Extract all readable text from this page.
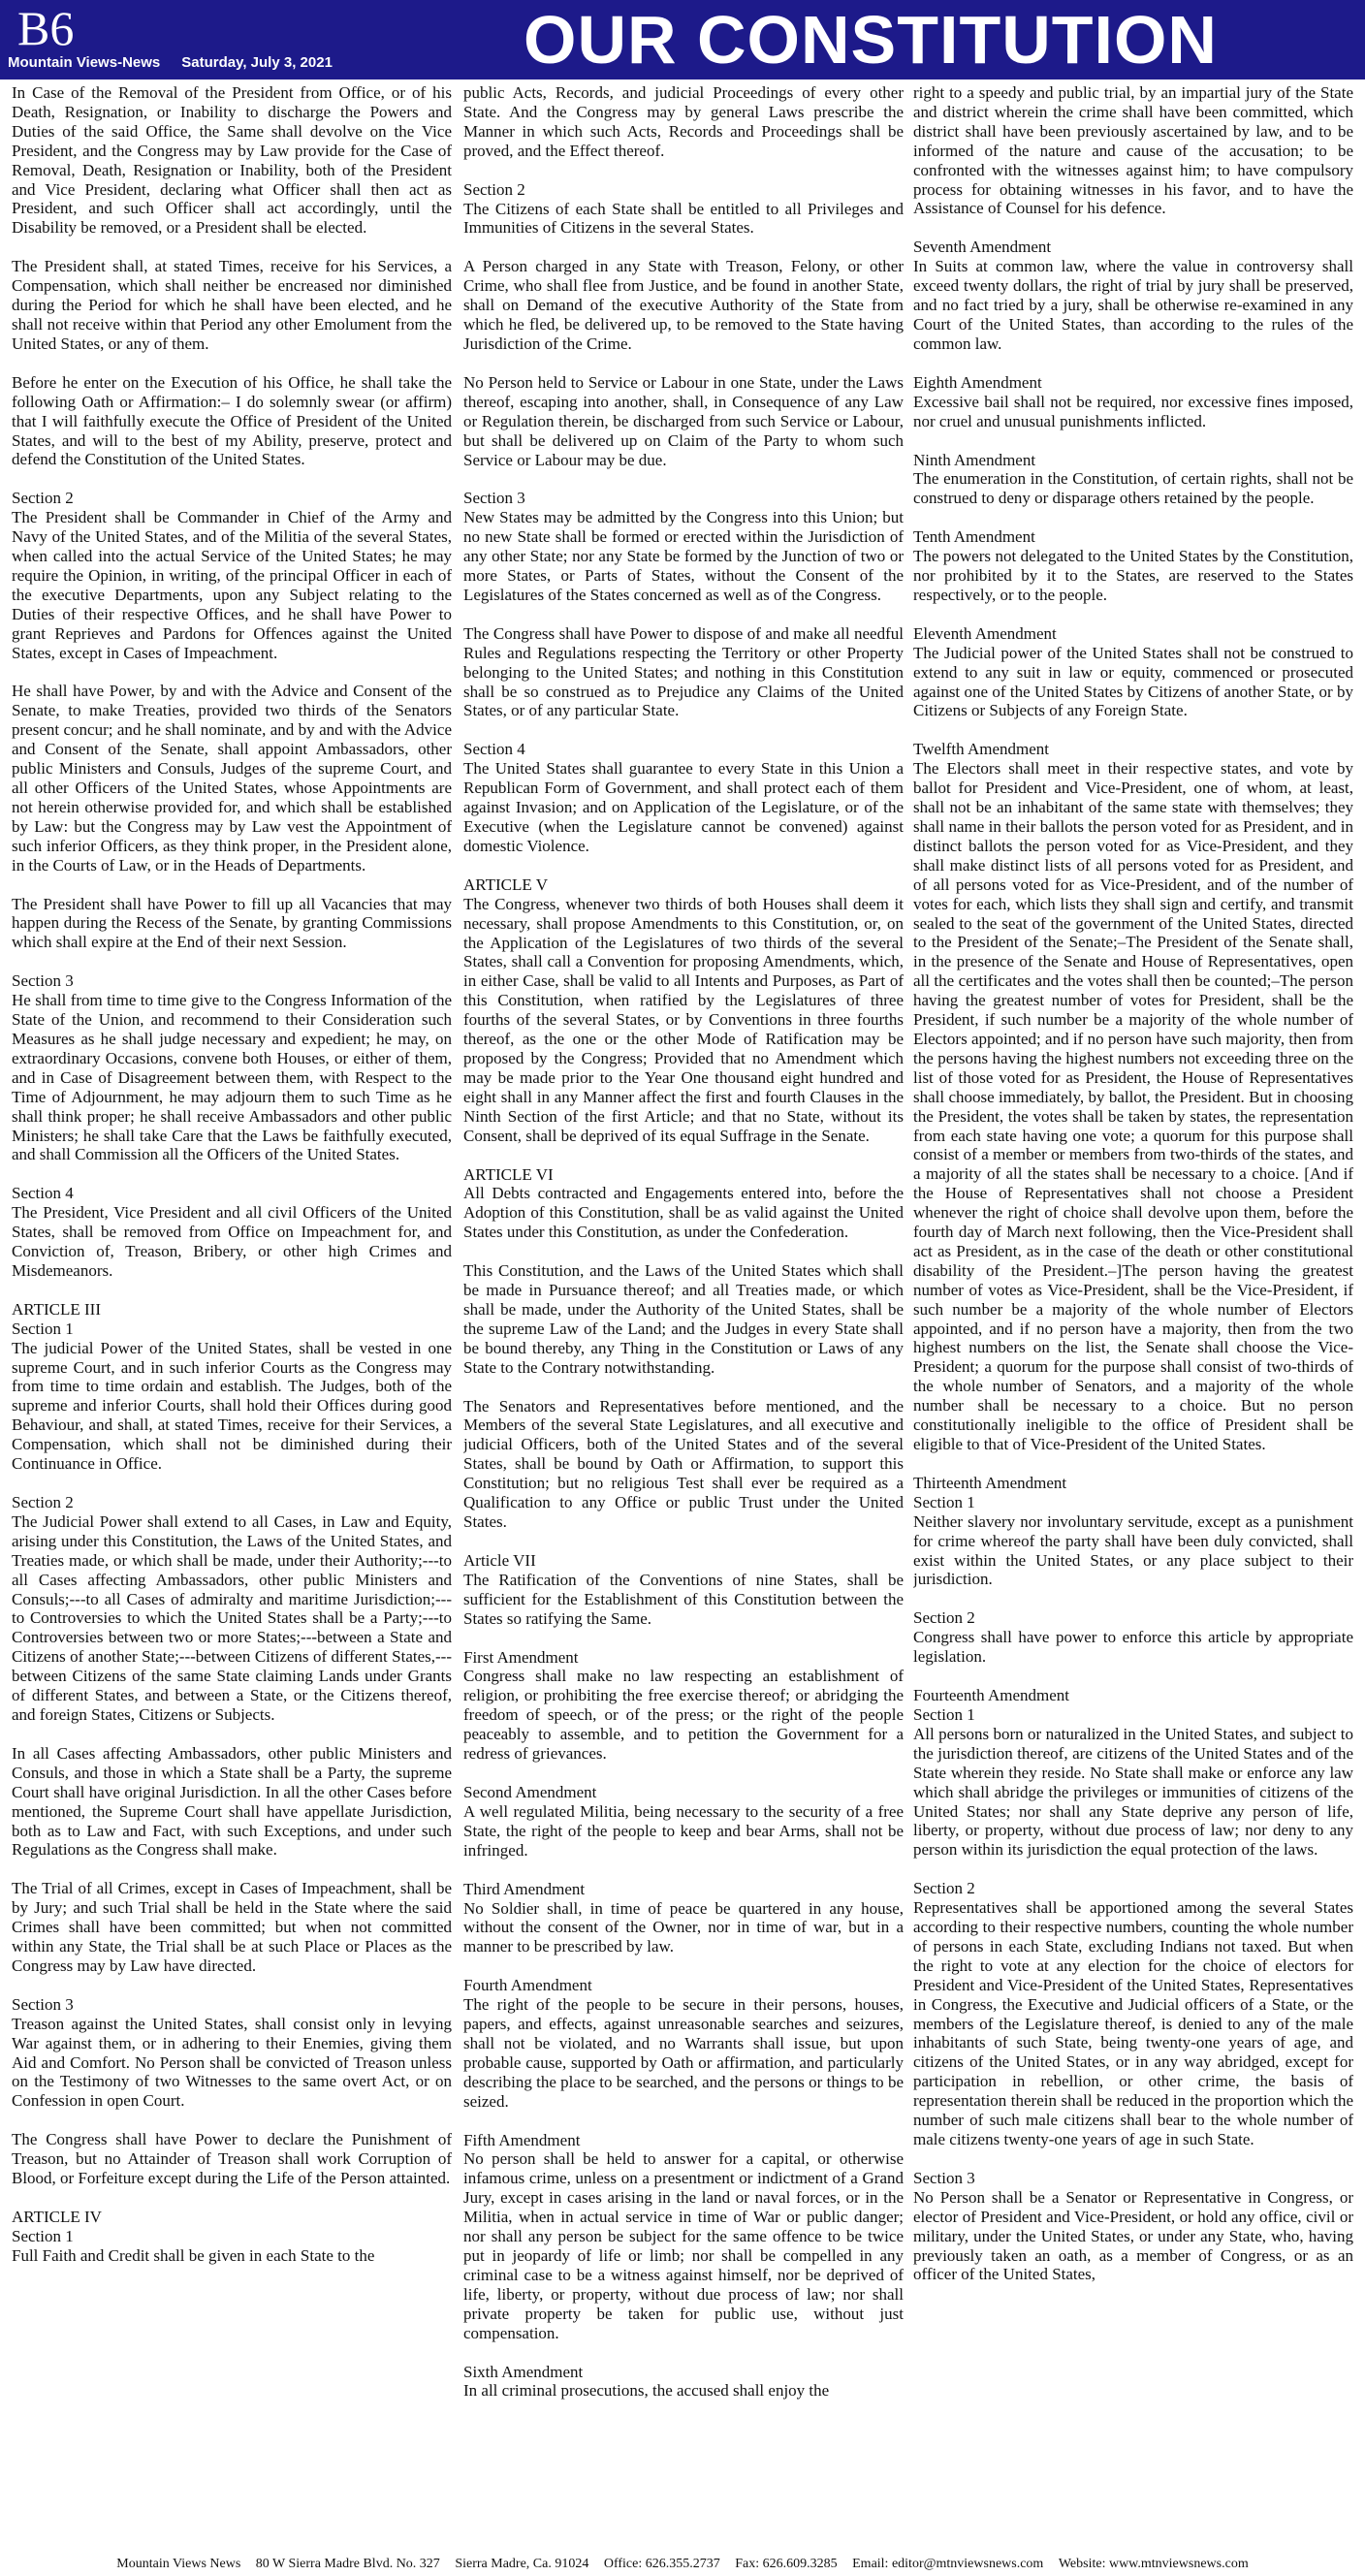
B6
Mountain Views-News Saturday, July 3, 2021	OUR CONSTITUTION

In Case of the Removal of the President from Office, or of his Death, Resignation, or Inability to discharge the Powers and Duties of the said Office, the Same shall devolve on the Vice President, and the Congress may by Law provide for the Case of Removal, Death, Resignation or Inability, both of the President and Vice President, declaring what Officer shall then act as President, and such Officer shall act accordingly, until the Disability be removed, or a President shall be elected.

The President shall, at stated Times, receive for his Services, a Compensation, which shall neither be encreased nor diminished during the Period for which he shall have been elected, and he shall not receive within that Period any other Emolument from the United States, or any of them.

Before he enter on the Execution of his Office, he shall take the following Oath or Affirmation:– I do solemnly swear (or affirm) that I will faithfully execute the Office of President of the United States, and will to the best of my Ability, preserve, protect and defend the Constitution of the United States.

Section 2

The President shall be Commander in Chief of the Army and Navy of the United States, and of the Militia of the several States, when called into the actual Service of the United States; he may require the Opinion, in writing, of the principal Officer in each of the executive Departments, upon any Subject relating to the Duties of their respective Offices, and he shall have Power to grant Reprieves and Pardons for Offences against the United States, except in Cases of Impeachment.

He shall have Power, by and with the Advice and Consent of the Senate, to make Treaties, provided two thirds of the Senators present concur; and he shall nominate, and by and with the Advice and Consent of the Senate, shall appoint Ambassadors, other public Ministers and Consuls, Judges of the supreme Court, and all other Officers of the United States, whose Appointments are not herein otherwise provided for, and which shall be established by Law: but the Congress may by Law vest the Appointment of such inferior Officers, as they think proper, in the President alone, in the Courts of Law, or in the Heads of Departments.

The President shall have Power to fill up all Vacancies that may happen during the Recess of the Senate, by granting Commissions which shall expire at the End of their next Session.

Section 3

He shall from time to time give to the Congress Information of the State of the Union, and recommend to their Consideration such Measures as he shall judge necessary and expedient; he may, on extraordinary Occasions, convene both Houses, or either of them, and in Case of Disagreement between them, with Respect to the Time of Adjournment, he may adjourn them to such Time as he shall think proper; he shall receive Ambassadors and other public Ministers; he shall take Care that the Laws be faithfully executed, and shall Commission all the Officers of the United States.

Section 4

The President, Vice President and all civil Officers of the United States, shall be removed from Office on Impeachment for, and Conviction of, Treason, Bribery, or other high Crimes and Misdemeanors.

ARTICLE III
Section 1

The judicial Power of the United States, shall be vested in one supreme Court, and in such inferior Courts as the Congress may from time to time ordain and establish. The Judges, both of the supreme and inferior Courts, shall hold their Offices during good Behaviour, and shall, at stated Times, receive for their Services, a Compensation, which shall not be diminished during their Continuance in Office.

Section 2

The Judicial Power shall extend to all Cases, in Law and Equity, arising under this Constitution, the Laws of the United States, and Treaties made, or which shall be made, under their Authority;---to all Cases affecting Ambassadors, other public Ministers and Consuls;---to all Cases of admiralty and maritime Jurisdiction;---to Controversies to which the United States shall be a Party;---to Controversies between two or more States;---between a State and Citizens of another State;---between Citizens of different States,---between Citizens of the same State claiming Lands under Grants of different States, and between a State, or the Citizens thereof, and foreign States, Citizens or Subjects.

In all Cases affecting Ambassadors, other public Ministers and Consuls, and those in which a State shall be a Party, the supreme Court shall have original Jurisdiction. In all the other Cases before mentioned, the Supreme Court shall have appellate Jurisdiction, both as to Law and Fact, with such Exceptions, and under such Regulations as the Congress shall make.

The Trial of all Crimes, except in Cases of Impeachment, shall be by Jury; and such Trial shall be held in the State where the said Crimes shall have been committed; but when not committed within any State, the Trial shall be at such Place or Places as the Congress may by Law have directed.

Section 3

Treason against the United States, shall consist only in levying War against them, or in adhering to their Enemies, giving them Aid and Comfort. No Person shall be convicted of Treason unless on the Testimony of two Witnesses to the same overt Act, or on Confession in open Court.

The Congress shall have Power to declare the Punishment of Treason, but no Attainder of Treason shall work Corruption of Blood, or Forfeiture except during the Life of the Person attainted.

ARTICLE IV
Section 1

Full Faith and Credit shall be given in each State to the

public Acts, Records, and judicial Proceedings of every other State. And the Congress may by general Laws prescribe the Manner in which such Acts, Records and Proceedings shall be proved, and the Effect thereof.

Section 2

The Citizens of each State shall be entitled to all Privileges and Immunities of Citizens in the several States.

A Person charged in any State with Treason, Felony, or other Crime, who shall flee from Justice, and be found in another State, shall on Demand of the executive Authority of the State from which he fled, be delivered up, to be removed to the State having Jurisdiction of the Crime.

No Person held to Service or Labour in one State, under the Laws thereof, escaping into another, shall, in Consequence of any Law or Regulation therein, be discharged from such Service or Labour, but shall be delivered up on Claim of the Party to whom such Service or Labour may be due.

Section 3

New States may be admitted by the Congress into this Union; but no new State shall be formed or erected within the Jurisdiction of any other State; nor any State be formed by the Junction of two or more States, or Parts of States, without the Consent of the Legislatures of the States concerned as well as of the Congress.

The Congress shall have Power to dispose of and make all needful Rules and Regulations respecting the Territory or other Property belonging to the United States; and nothing in this Constitution shall be so construed as to Prejudice any Claims of the United States, or of any particular State.

Section 4

The United States shall guarantee to every State in this Union a Republican Form of Government, and shall protect each of them against Invasion; and on Application of the Legislature, or of the Executive (when the Legislature cannot be convened) against domestic Violence.

ARTICLE V

The Congress, whenever two thirds of both Houses shall deem it necessary, shall propose Amendments to this Constitution, or, on the Application of the Legislatures of two thirds of the several States, shall call a Convention for proposing Amendments, which, in either Case, shall be valid to all Intents and Purposes, as Part of this Constitution, when ratified by the Legislatures of three fourths of the several States, or by Conventions in three fourths thereof, as the one or the other Mode of Ratification may be proposed by the Congress; Provided that no Amendment which may be made prior to the Year One thousand eight hundred and eight shall in any Manner affect the first and fourth Clauses in the Ninth Section of the first Article; and that no State, without its Consent, shall be deprived of its equal Suffrage in the Senate.

ARTICLE VI

All Debts contracted and Engagements entered into, before the Adoption of this Constitution, shall be as valid against the United States under this Constitution, as under the Confederation.

This Constitution, and the Laws of the United States which shall be made in Pursuance thereof; and all Treaties made, or which shall be made, under the Authority of the United States, shall be the supreme Law of the Land; and the Judges in every State shall be bound thereby, any Thing in the Constitution or Laws of any State to the Contrary notwithstanding.

The Senators and Representatives before mentioned, and the Members of the several State Legislatures, and all executive and judicial Officers, both of the United States and of the several States, shall be bound by Oath or Affirmation, to support this Constitution; but no religious Test shall ever be required as a Qualification to any Office or public Trust under the United States.

Article VII

The Ratification of the Conventions of nine States, shall be sufficient for the Establishment of this Constitution between the States so ratifying the Same.

First Amendment

Congress shall make no law respecting an establishment of religion, or prohibiting the free exercise thereof; or abridging the freedom of speech, or of the press; or the right of the people peaceably to assemble, and to petition the Government for a redress of grievances.

Second Amendment

A well regulated Militia, being necessary to the security of a free State, the right of the people to keep and bear Arms, shall not be infringed.

Third Amendment

No Soldier shall, in time of peace be quartered in any house, without the consent of the Owner, nor in time of war, but in a manner to be prescribed by law.

Fourth Amendment

The right of the people to be secure in their persons, houses, papers, and effects, against unreasonable searches and seizures, shall not be violated, and no Warrants shall issue, but upon probable cause, supported by Oath or affirmation, and particularly describing the place to be searched, and the persons or things to be seized.

Fifth Amendment

No person shall be held to answer for a capital, or otherwise infamous crime, unless on a presentment or indictment of a Grand Jury, except in cases arising in the land or naval forces, or in the Militia, when in actual service in time of War or public danger; nor shall any person be subject for the same offence to be twice put in jeopardy of life or limb; nor shall be compelled in any criminal case to be a witness against himself, nor be deprived of life, liberty, or property, without due process of law; nor shall private property be taken for public use, without just compensation.

Sixth Amendment

In all criminal prosecutions, the accused shall enjoy the

right to a speedy and public trial, by an impartial jury of the State and district wherein the crime shall have been committed, which district shall have been previously ascertained by law, and to be informed of the nature and cause of the accusation; to be confronted with the witnesses against him; to have compulsory process for obtaining witnesses in his favor, and to have the Assistance of Counsel for his defence.

Seventh Amendment

In Suits at common law, where the value in controversy shall exceed twenty dollars, the right of trial by jury shall be preserved, and no fact tried by a jury, shall be otherwise re-examined in any Court of the United States, than according to the rules of the common law.

Eighth Amendment

Excessive bail shall not be required, nor excessive fines imposed, nor cruel and unusual punishments inflicted.

Ninth Amendment

The enumeration in the Constitution, of certain rights, shall not be construed to deny or disparage others retained by the people.

Tenth Amendment

The powers not delegated to the United States by the Constitution, nor prohibited by it to the States, are reserved to the States respectively, or to the people.

Eleventh Amendment

The Judicial power of the United States shall not be construed to extend to any suit in law or equity, commenced or prosecuted against one of the United States by Citizens of another State, or by Citizens or Subjects of any Foreign State.

Twelfth Amendment

The Electors shall meet in their respective states, and vote by ballot for President and Vice-President, one of whom, at least, shall not be an inhabitant of the same state with themselves; they shall name in their ballots the person voted for as President, and in distinct ballots the person voted for as Vice-President, and they shall make distinct lists of all persons voted for as President, and of all persons voted for as Vice-President, and of the number of votes for each, which lists they shall sign and certify, and transmit sealed to the seat of the government of the United States, directed to the President of the Senate;–The President of the Senate shall, in the presence of the Senate and House of Representatives, open all the certificates and the votes shall then be counted;–The person having the greatest number of votes for President, shall be the President, if such number be a majority of the whole number of Electors appointed; and if no person have such majority, then from the persons having the highest numbers not exceeding three on the list of those voted for as President, the House of Representatives shall choose immediately, by ballot, the President. But in choosing the President, the votes shall be taken by states, the representation from each state having one vote; a quorum for this purpose shall consist of a member or members from two-thirds of the states, and a majority of all the states shall be necessary to a choice. [And if the House of Representatives shall not choose a President whenever the right of choice shall devolve upon them, before the fourth day of March next following, then the Vice-President shall act as President, as in the case of the death or other constitutional disability of the President.–]The person having the greatest number of votes as Vice-President, shall be the Vice-President, if such number be a majority of the whole number of Electors appointed, and if no person have a majority, then from the two highest numbers on the list, the Senate shall choose the Vice-President; a quorum for the purpose shall consist of two-thirds of the whole number of Senators, and a majority of the whole number shall be necessary to a choice. But no person constitutionally ineligible to the office of President shall be eligible to that of Vice-President of the United States.

Thirteenth Amendment
Section 1

Neither slavery nor involuntary servitude, except as a punishment for crime whereof the party shall have been duly convicted, shall exist within the United States, or any place subject to their jurisdiction.

Section 2

Congress shall have power to enforce this article by appropriate legislation.

Fourteenth Amendment
Section 1

All persons born or naturalized in the United States, and subject to the jurisdiction thereof, are citizens of the United States and of the State wherein they reside. No State shall make or enforce any law which shall abridge the privileges or immunities of citizens of the United States; nor shall any State deprive any person of life, liberty, or property, without due process of law; nor deny to any person within its jurisdiction the equal protection of the laws.

Section 2

Representatives shall be apportioned among the several States according to their respective numbers, counting the whole number of persons in each State, excluding Indians not taxed. But when the right to vote at any election for the choice of electors for President and Vice-President of the United States, Representatives in Congress, the Executive and Judicial officers of a State, or the members of the Legislature thereof, is denied to any of the male inhabitants of such State, being twenty-one years of age, and citizens of the United States, or in any way abridged, except for participation in rebellion, or other crime, the basis of representation therein shall be reduced in the proportion which the number of such male citizens shall bear to the whole number of male citizens twenty-one years of age in such State.

Section 3

No Person shall be a Senator or Representative in Congress, or elector of President and Vice-President, or hold any office, civil or military, under the United States, or under any State, who, having previously taken an oath, as a member of Congress, or as an officer of the United States,

Mountain Views News 80 W Sierra Madre Blvd. No. 327 Sierra Madre, Ca. 91024 Office: 626.355.2737 Fax: 626.609.3285 Email: editor@mtnviewsnews.com Website: www.mtnviewsnews.com
